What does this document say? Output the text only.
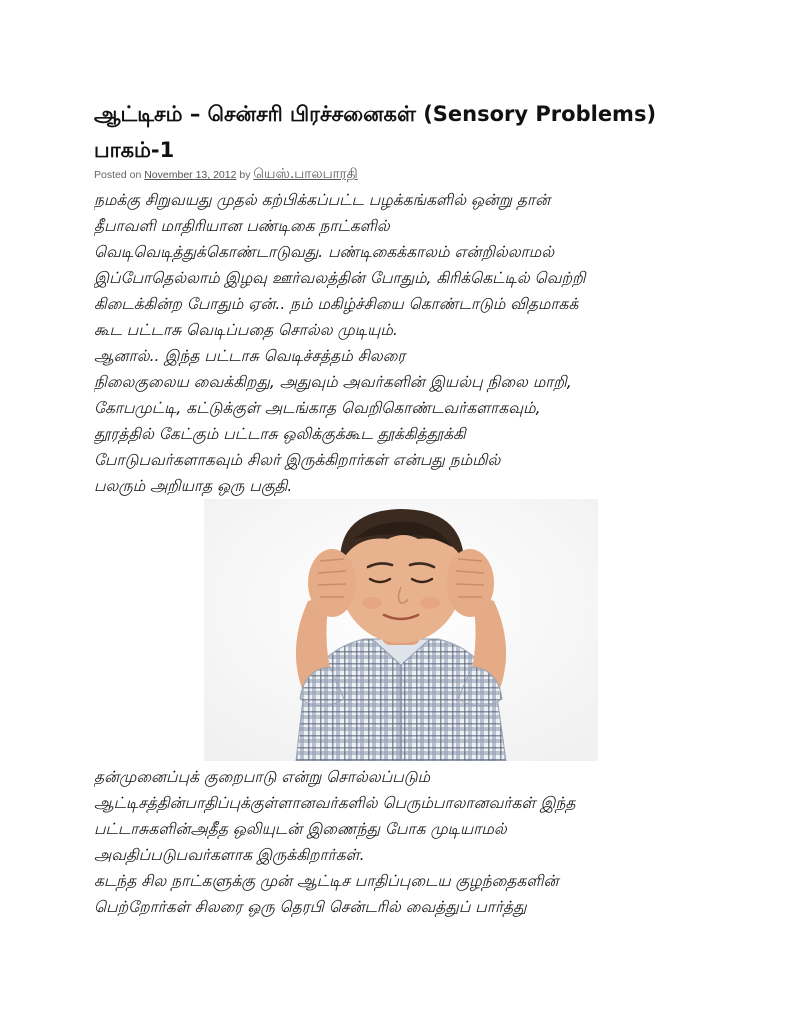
ஆட்டிசம் – சென்சரி பிரச்சனைகள் (Sensory Problems)
பாகம்-1
Posted on November 13, 2012 by யெஸ்.பாலபாரதி
நமக்கு சிறுவயது முதல் கற்பிக்கப்பட்ட பழக்கங்களில் ஒன்று தான்
தீபாவளி மாதிரியான பண்டிகை நாட்களில்
வெடிவெடித்துக்கொண்டாடுவது. பண்டிகைக்காலம் என்றில்லாமல்
இப்போதெல்லாம் இழவு ஊர்வலத்தின் போதும், கிரிக்கெட்டில் வெற்றி
கிடைக்கின்ற போதும் ஏன்.. நம் மகிழ்ச்சியை கொண்டாடும் விதமாகக்
கூட பட்டாசு வெடிப்பதை சொல்ல முடியும்.
ஆனால்.. இந்த பட்டாசு வெடிச்சத்தம் சிலரை
நிலைகுலைய வைக்கிறது, அதுவும் அவர்களின் இயல்பு நிலை மாறி,
கோபமுட்டி, கட்டுக்குள் அடங்காத வெறிகொண்டவர்களாகவும்,
தூரத்தில் கேட்கும் பட்டாசு ஒலிக்குக்கூட தூக்கித்தூக்கி
போடுபவர்களாகவும் சிலர் இருக்கிறார்கள் என்பது நம்மில்
பலரும் அறியாத ஒரு பகுதி.
தன்முனைப்புக் குறைபாடு என்று சொல்லப்படும்
ஆட்டிசத்தின்பாதிப்புக்குள்ளானவர்களில் பெரும்பாலானவர்கள் இந்த
பட்டாசுகளின்அதீத ஒலியுடன் இணைந்து போக முடியாமல்
அவதிப்படுபவர்களாக இருக்கிறார்கள்.
கடந்த சில நாட்களுக்கு முன் ஆட்டிச பாதிப்புடைய குழந்தைகளின்
பெற்றோர்கள் சிலரை ஒரு தெரபி சென்டரில் வைத்துப் பார்த்து
